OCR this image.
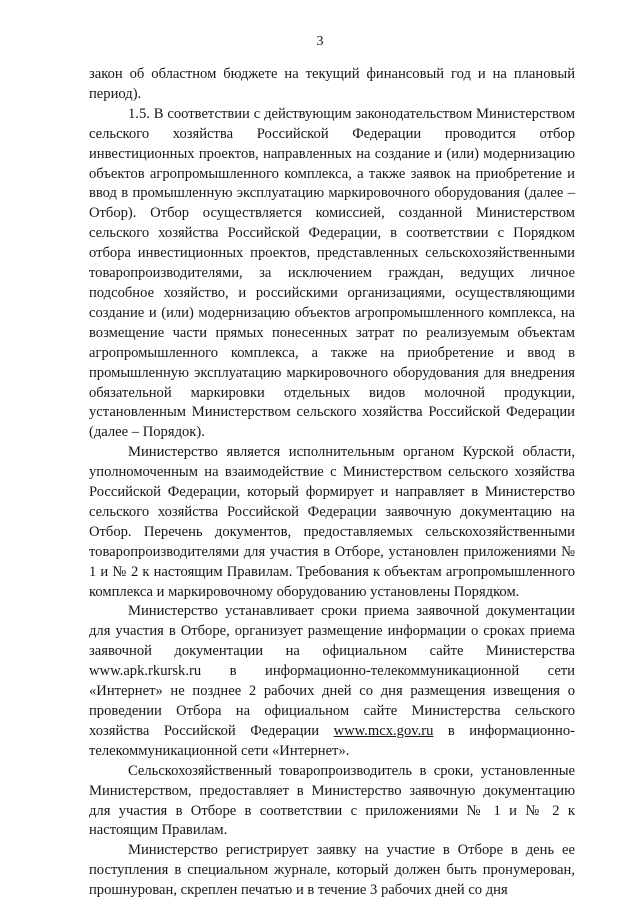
3

закон об областном бюджете на текущий финансовый год и на плановый период).

1.5. В соответствии с действующим законодательством Министерством сельского хозяйства Российской Федерации проводится отбор инвестиционных проектов, направленных на создание и (или) модернизацию объектов агропромышленного комплекса, а также заявок на приобретение и ввод в промышленную эксплуатацию маркировочного оборудования (далее – Отбор). Отбор осуществляется комиссией, созданной Министерством сельского хозяйства Российской Федерации, в соответствии с Порядком отбора инвестиционных проектов, представленных сельскохозяйственными товаропроизводителями, за исключением граждан, ведущих личное подсобное хозяйство, и российскими организациями, осуществляющими создание и (или) модернизацию объектов агропромышленного комплекса, на возмещение части прямых понесенных затрат по реализуемым объектам агропромышленного комплекса, а также на приобретение и ввод в промышленную эксплуатацию маркировочного оборудования для внедрения обязательной маркировки отдельных видов молочной продукции, установленным Министерством сельского хозяйства Российской Федерации (далее – Порядок).

Министерство является исполнительным органом Курской области, уполномоченным на взаимодействие с Министерством сельского хозяйства Российской Федерации, который формирует и направляет в Министерство сельского хозяйства Российской Федерации заявочную документацию на Отбор. Перечень документов, предоставляемых сельскохозяйственными товаропроизводителями для участия в Отборе, установлен приложениями № 1 и № 2 к настоящим Правилам. Требования к объектам агропромышленного комплекса и маркировочному оборудованию установлены Порядком.

Министерство устанавливает сроки приема заявочной документации для участия в Отборе, организует размещение информации о сроках приема заявочной документации на официальном сайте Министерства www.apk.rkursk.ru в информационно-телекоммуникационной сети «Интернет» не позднее 2 рабочих дней со дня размещения извещения о проведении Отбора на официальном сайте Министерства сельского хозяйства Российской Федерации www.mcx.gov.ru в информационно-телекоммуникационной сети «Интернет».

Сельскохозяйственный товаропроизводитель в сроки, установленные Министерством, предоставляет в Министерство заявочную документацию для участия в Отборе в соответствии с приложениями № 1 и № 2 к настоящим Правилам.

Министерство регистрирует заявку на участие в Отборе в день ее поступления в специальном журнале, который должен быть пронумерован, прошнурован, скреплен печатью и в течение 3 рабочих дней со дня
